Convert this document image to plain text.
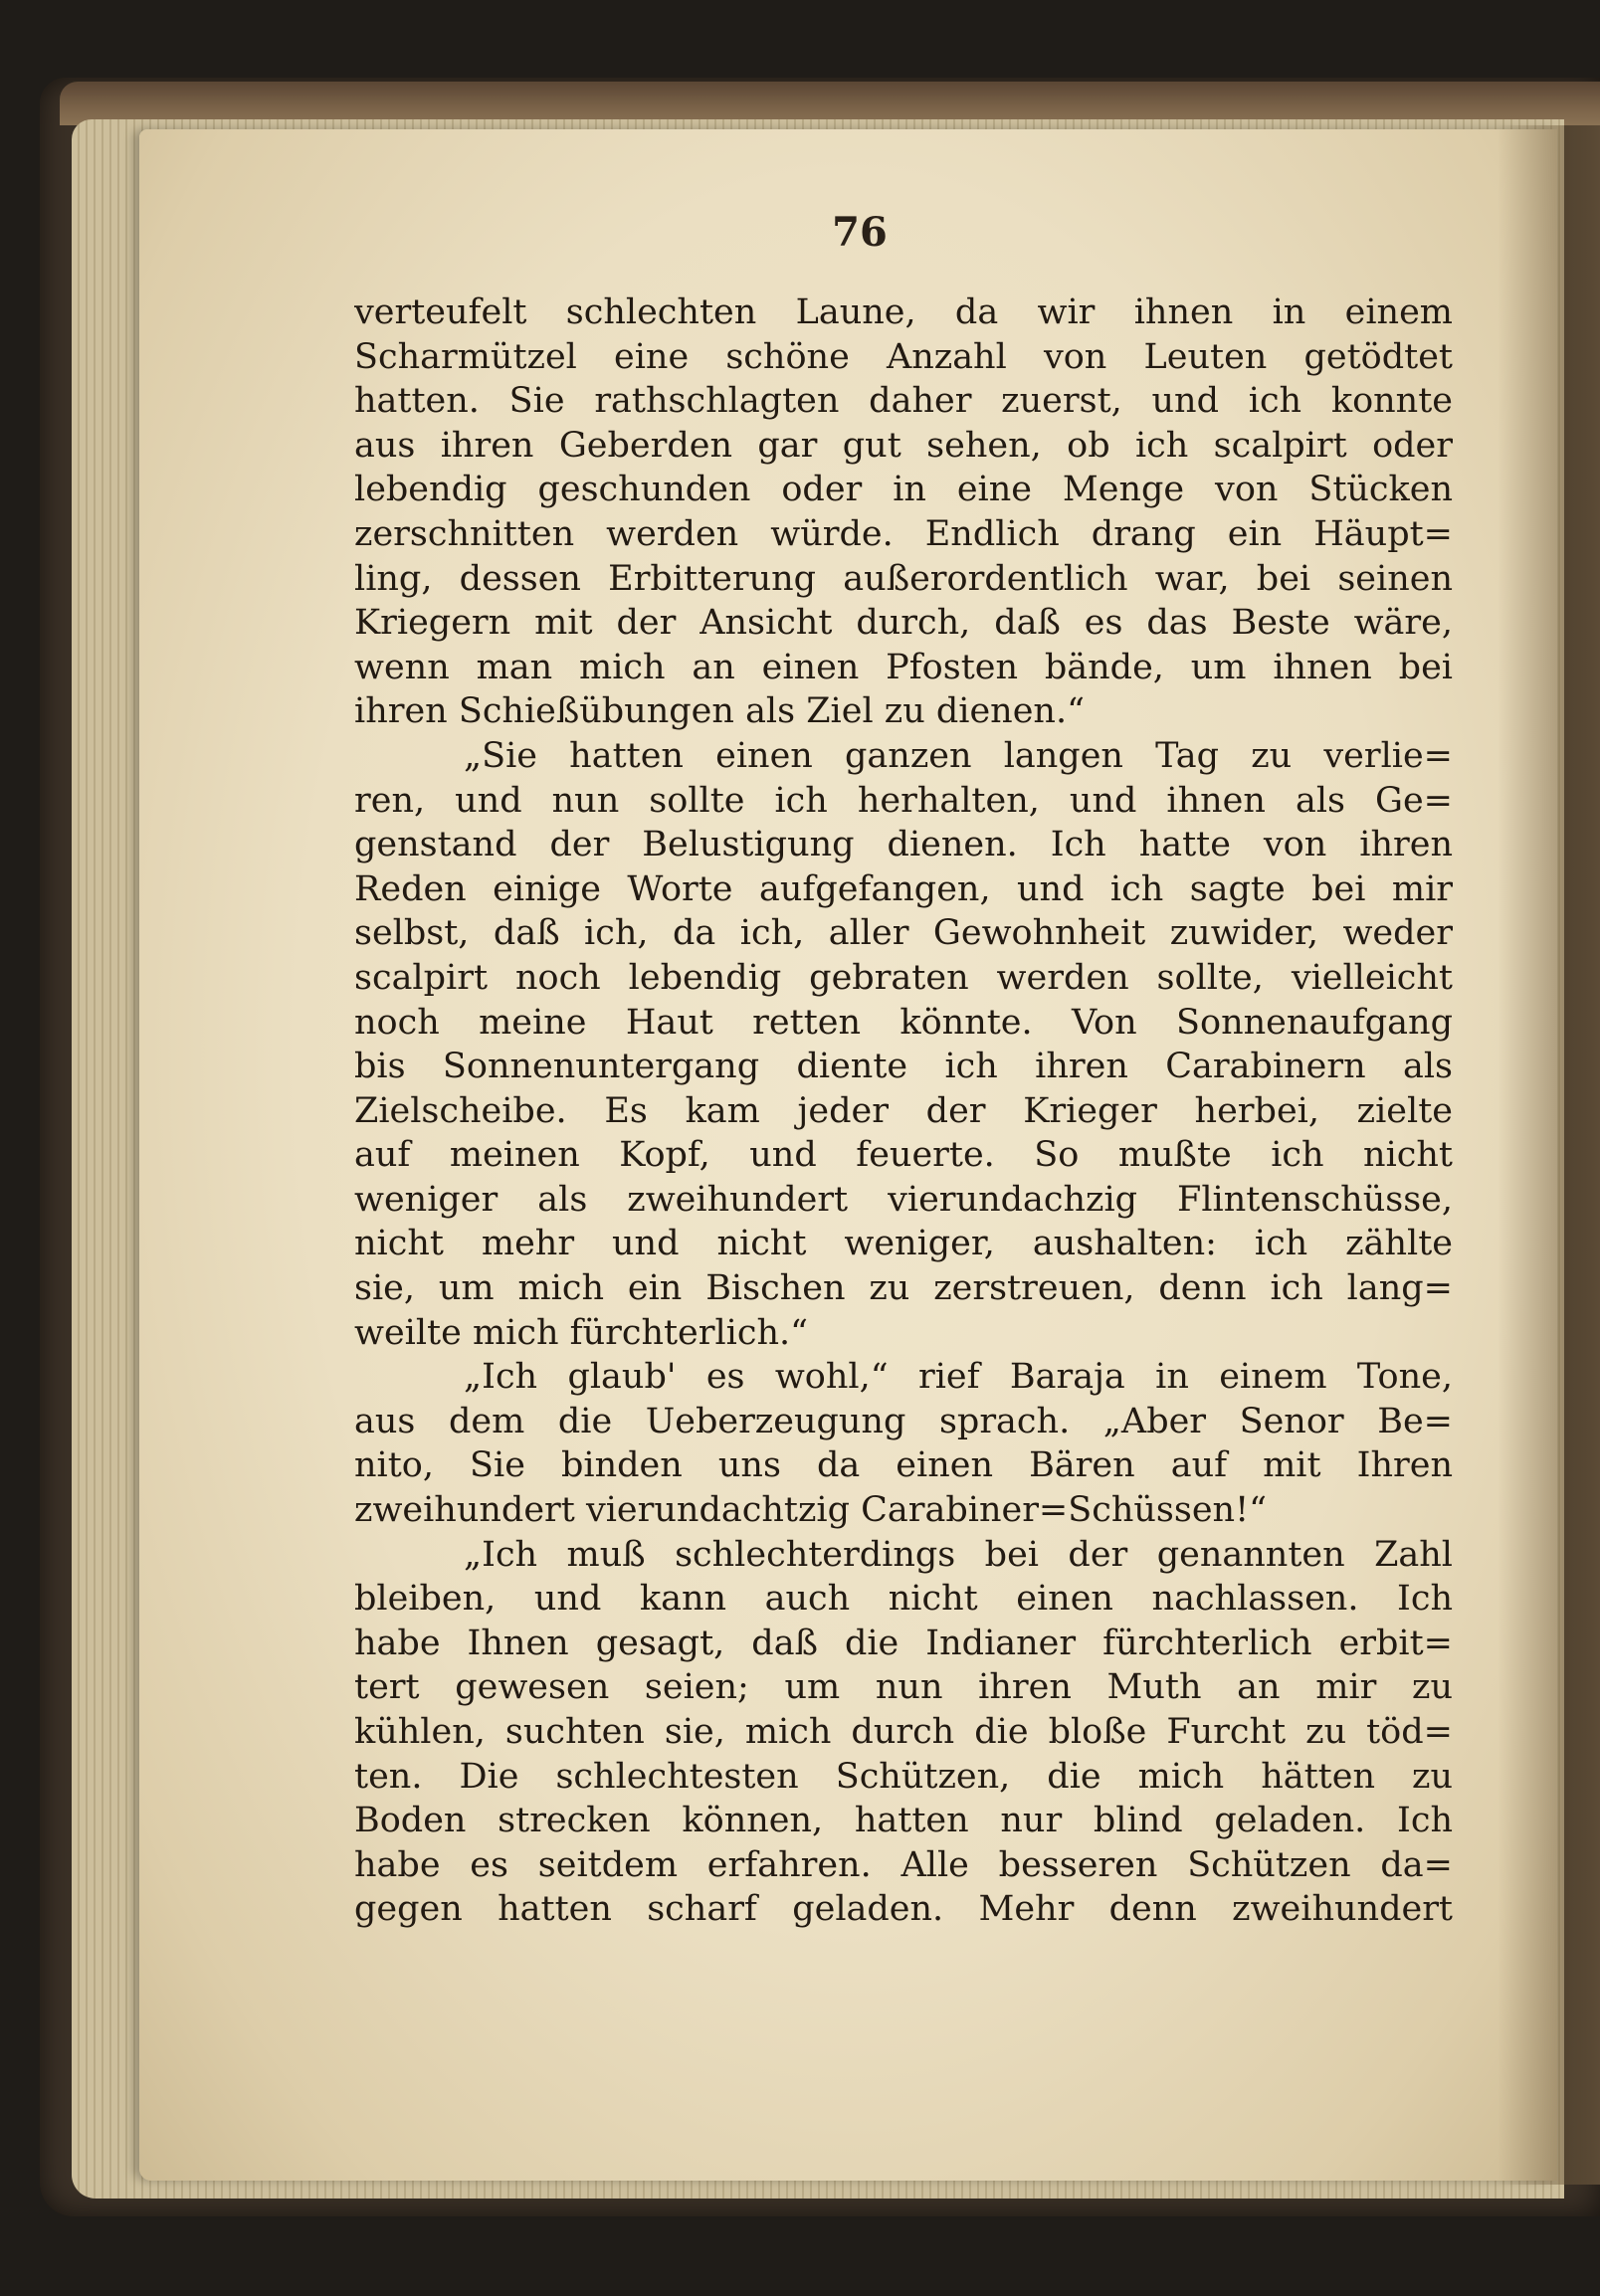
76
verteufelt schlechten Laune, da wir ihnen in einem
Scharmützel eine schöne Anzahl von Leuten getödtet
hatten. Sie rathschlagten daher zuerst, und ich konnte
aus ihren Geberden gar gut sehen, ob ich scalpirt oder
lebendig geschunden oder in eine Menge von Stücken
zerschnitten werden würde. Endlich drang ein Häupt=
ling, dessen Erbitterung außerordentlich war, bei seinen
Kriegern mit der Ansicht durch, daß es das Beste wäre,
wenn man mich an einen Pfosten bände, um ihnen bei
ihren Schießübungen als Ziel zu dienen.“
„Sie hatten einen ganzen langen Tag zu verlie=
ren, und nun sollte ich herhalten, und ihnen als Ge=
genstand der Belustigung dienen. Ich hatte von ihren
Reden einige Worte aufgefangen, und ich sagte bei mir
selbst, daß ich, da ich, aller Gewohnheit zuwider, weder
scalpirt noch lebendig gebraten werden sollte, vielleicht
noch meine Haut retten könnte. Von Sonnenaufgang
bis Sonnenuntergang diente ich ihren Carabinern als
Zielscheibe. Es kam jeder der Krieger herbei, zielte
auf meinen Kopf, und feuerte. So mußte ich nicht
weniger als zweihundert vierundachzig Flintenschüsse,
nicht mehr und nicht weniger, aushalten: ich zählte
sie, um mich ein Bischen zu zerstreuen, denn ich lang=
weilte mich fürchterlich.“
„Ich glaub' es wohl,“ rief Baraja in einem Tone,
aus dem die Ueberzeugung sprach. „Aber Senor Be=
nito, Sie binden uns da einen Bären auf mit Ihren
zweihundert vierundachtzig Carabiner=Schüssen!“
„Ich muß schlechterdings bei der genannten Zahl
bleiben, und kann auch nicht einen nachlassen. Ich
habe Ihnen gesagt, daß die Indianer fürchterlich erbit=
tert gewesen seien; um nun ihren Muth an mir zu
kühlen, suchten sie, mich durch die bloße Furcht zu töd=
ten. Die schlechtesten Schützen, die mich hätten zu
Boden strecken können, hatten nur blind geladen. Ich
habe es seitdem erfahren. Alle besseren Schützen da=
gegen hatten scharf geladen. Mehr denn zweihundert
